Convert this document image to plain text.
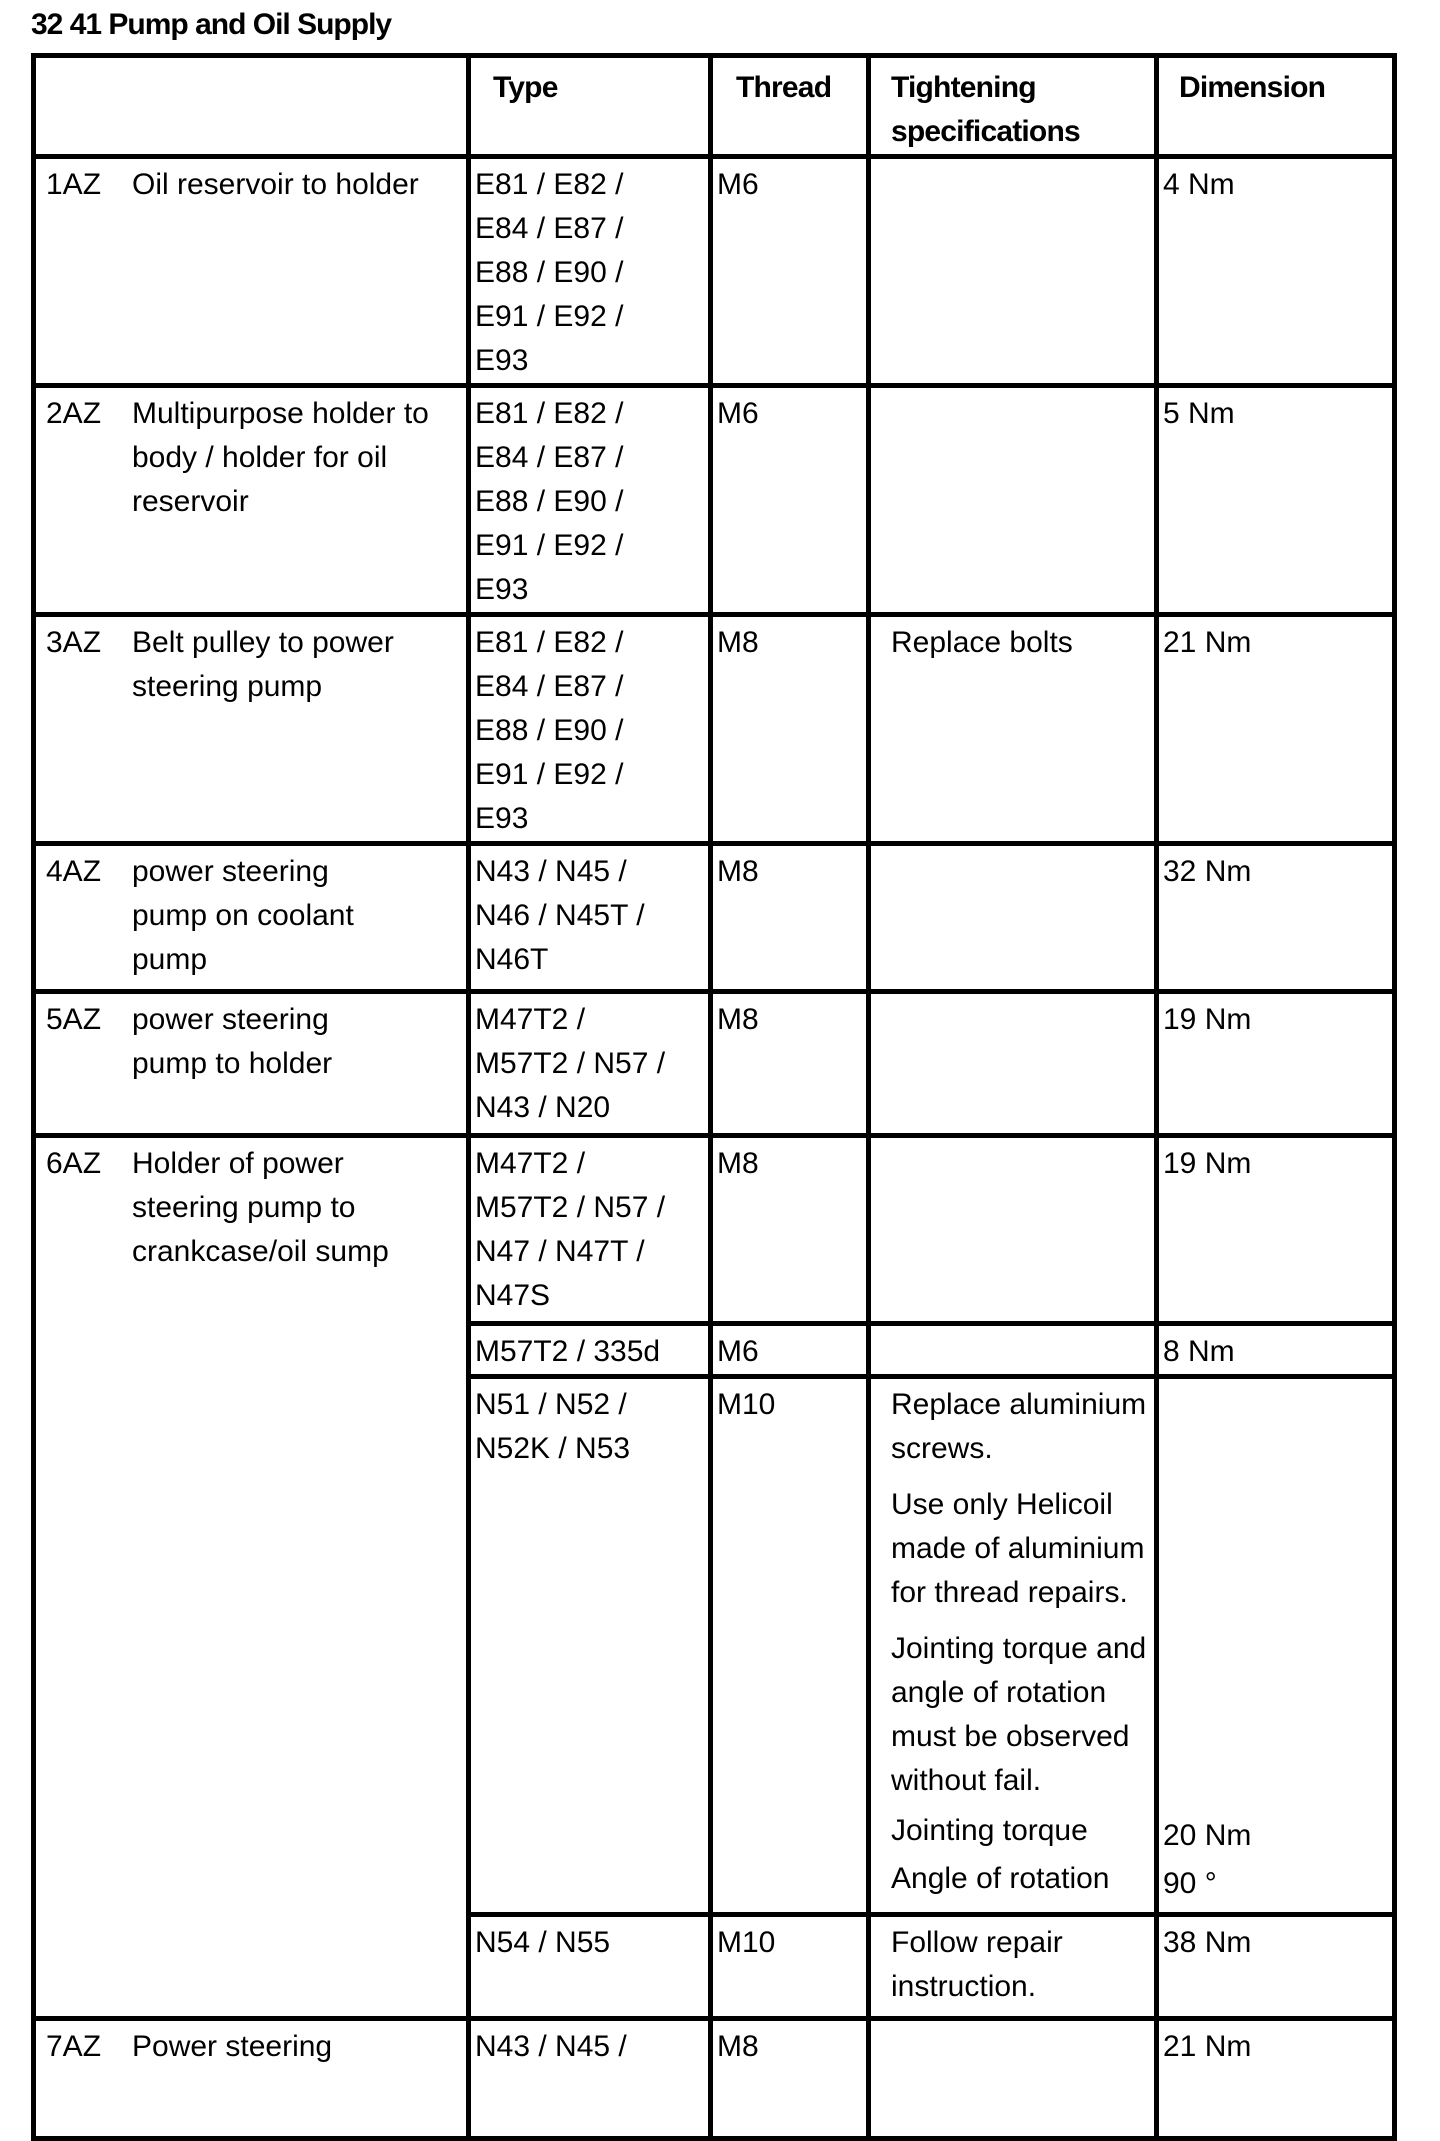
32 41 Pump and Oil Supply
	Type	Thread	Tightening
specifications	Dimension

1AZ Oil reservoir to holder	E81 / E82 /
E84 / E87 /
E88 / E90 /
E91 / E92 /
E93	M6		4 Nm

2AZ Multipurpose holder to body / holder for oil reservoir	E81 / E82 /
E84 / E87 /
E88 / E90 /
E91 / E92 /
E93	M6		5 Nm

3AZ Belt pulley to power steering pump	E81 / E82 /
E84 / E87 /
E88 / E90 /
E91 / E92 /
E93	M8	Replace bolts	21 Nm

4AZ power steering pump on coolant pump	N43 / N45 /
N46 / N45T /
N46T	M8		32 Nm

5AZ power steering pump to holder	M47T2 /
M57T2 / N57 /
N43 / N20	M8		19 Nm

6AZ Holder of power steering pump to crankcase/oil sump	M47T2 /
M57T2 / N57 /
N47 / N47T /
N47S	M8		19 Nm

	M57T2 / 335d	M6		8 Nm

	N51 / N52 /
N52K / N53	M10	Replace aluminium screws.
Use only Helicoil made of aluminium for thread repairs.
Jointing torque and angle of rotation must be observed without fail.
Jointing torque
Angle of rotation	20 Nm
90 °

	N54 / N55	M10	Follow repair instruction.	38 Nm

7AZ Power steering	N43 / N45 /	M8		21 Nm
